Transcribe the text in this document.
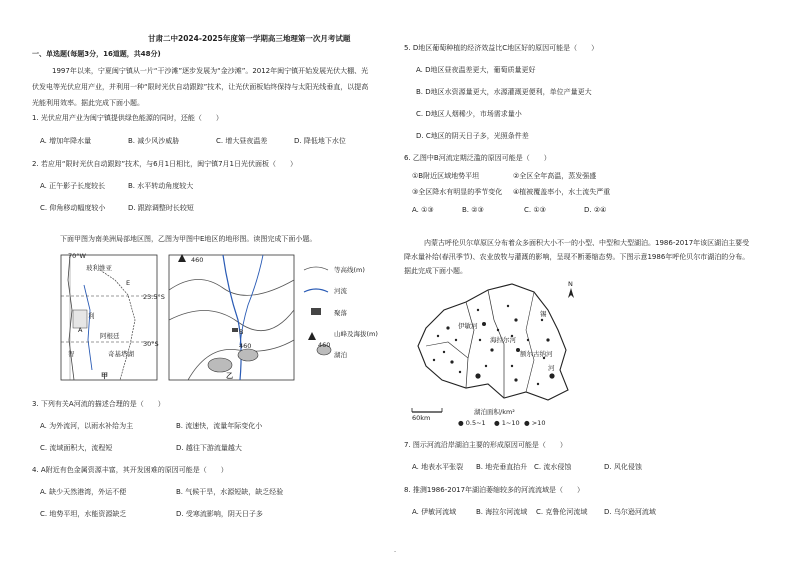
甘肃二中2024-2025年度第一学期高三地理第一次月考试题
一、单选题(每题3分，16道题，共48分)
1997年以来，宁夏闽宁镇从一片“干沙滩”逐步发展为“金沙滩”。2012年闽宁镇开始发展光伏大棚、光
伏发电等光伏应用产业，并利用一种“限时光伏自动跟踪”技术，让光伏面板始终保持与太阳光线垂直，以提高
光能利用效率。据此完成下面小题。
1. 光伏应用产业为闽宁镇提供绿色能源的同时，还能（　　）
A. 增加年降水量	B. 减少风沙威胁	C. 增大昼夜温差	D. 降低地下水位
2. 若应用“限时光伏自动跟踪”技术，与6月1日相比，闽宁镇7月1日光伏面板（　　）
A. 正午影子长度较长	B. 水平转动角度较大
C. 仰角移动幅度较小	D. 跟踪调整时长较短
下面甲图为南美洲局部地区图，乙图为甲图中E地区的地形图。读图完成下面小题。
70°W
玻利维亚
E
23.5°S
利
A
阿根廷
30°S
智	奇基塔湖
甲
460
B
460
乙
等高线(m)
河流
聚落
山峰及海拔(m)
460
湖泊
3. 下列有关A河流的描述合理的是（　　）
A. 为外流河，以雨水补给为主	B. 流速快，流量年际变化小
C. 流域面积大，流程短	D. 越往下游流量越大
4. A附近有色金属资源丰富，其开发困难的原因可能是（　　）
A. 缺少天然港湾，外运不便	B. 气候干旱，水源短缺，缺乏经验
C. 地势平坦，水能资源缺乏	D. 受寒流影响，阴天日子多
5. D地区葡萄种植的经济效益比C地区好的原因可能是（　　）
A. D地区昼夜温差更大，葡萄质量更好
B. D地区水资源量更大，水源灌溉更便利，单位产量更大
C. D地区人烟稀少，市场需求量小
D. C地区的阴天日子多，光照条件差
6. 乙图中B河流定期泛滥的原因可能是（　　）
①B附近区域地势平坦	②全区全年高温，蒸发强盛
③全区降水有明显的季节变化 ④植被覆盖率小，水土流失严重
A. ①③	B. ②③	C. ①③	D. ②④
内蒙古呼伦贝尔草原区分布着众多面积大小不一的小型、中型和大型湖泊。1986-2017年该区湖泊主要受
降水量补给(春汛季节)、农业放牧与灌溉的影响，呈现不断萎缩态势。下图示意1986年呼伦贝尔市湖泊的分布。
据此完成下面小题。
N
伊敏河
海拉尔河
额尔古纳河
锡
河
60km
湖泊面积/km²
● 0.5~1 ● 1~10 ● >10
7. 图示河流沿岸湖泊主要的形成原因可能是（　　）
A. 地表水平张裂 B. 地壳垂直抬升 C. 流水侵蚀	D. 风化侵蚀
8. 推测1986-2017年湖泊萎缩较多的河流流域是（　　）
A. 伊敏河流域	B. 海拉尔河流域 C. 克鲁伦河流域 D. 乌尔逊河流域
.
